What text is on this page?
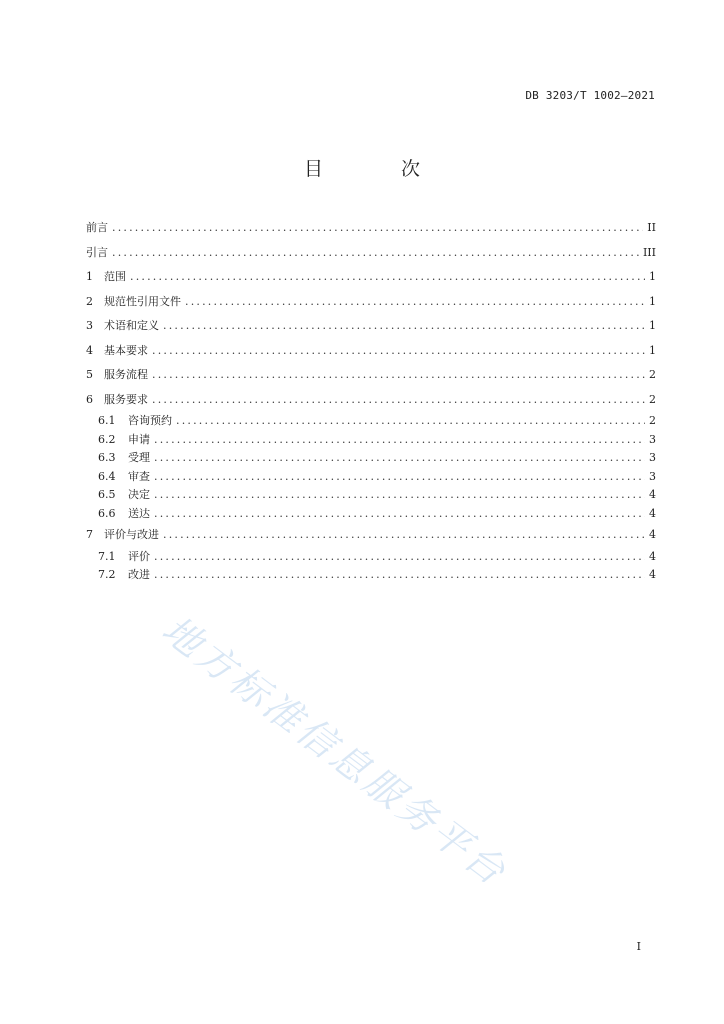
DB 3203/T 1002—2021
目 次
前言 .....	II
引言 .....	III
1	范围 .....	1
2	规范性引用文件 .....	1
3	术语和定义 .....	1
4	基本要求 .....	1
5	服务流程 .....	2
6	服务要求 .....	2
6.1	咨询预约 .....	2
6.2	申请 .....	3
6.3	受理 .....	3
6.4	审查 .....	3
6.5	决定 .....	4
6.6	送达 .....	4
7	评价与改进 .....	4
7.1	评价 .....	4
7.2	改进 .....	4
地方标准信息服务平台
I
